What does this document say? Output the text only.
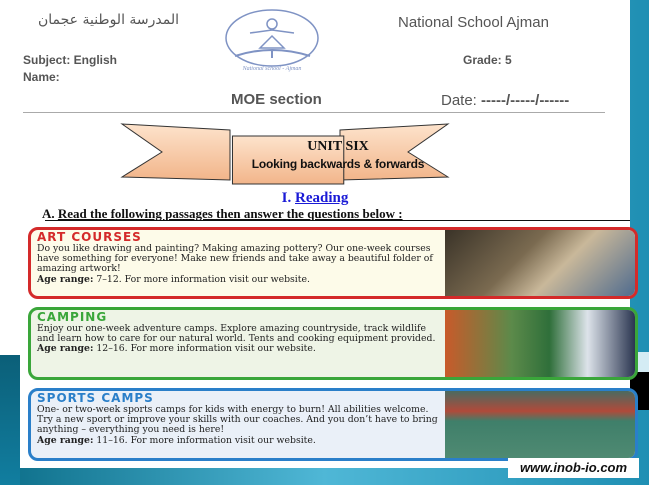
المدرسة الوطنية عجمان
National school - Ajman
National School Ajman
Subject: English
Name:
Grade: 5
MOE section	Date: -----/-----/------
UNIT SIX
Looking backwards & forwards
I. Reading
A. Read the following passages then answer the questions below :
ART COURSES
Do you like drawing and painting? Making amazing pottery? Our one-week courses have something for everyone! Make new friends and take away a beautiful folder of amazing artwork!
Age range: 7–12. For more information visit our website.
CAMPING
Enjoy our one-week adventure camps. Explore amazing countryside, track wildlife and learn how to care for our natural world. Tents and cooking equipment provided.
Age range: 12–16. For more information visit our website.
SPORTS CAMPS
One- or two-week sports camps for kids with energy to burn! All abilities welcome. Try a new sport or improve your skills with our coaches. And you don’t have to bring anything – everything you need is here!
Age range: 11–16. For more information visit our website.
www.inob-io.com
